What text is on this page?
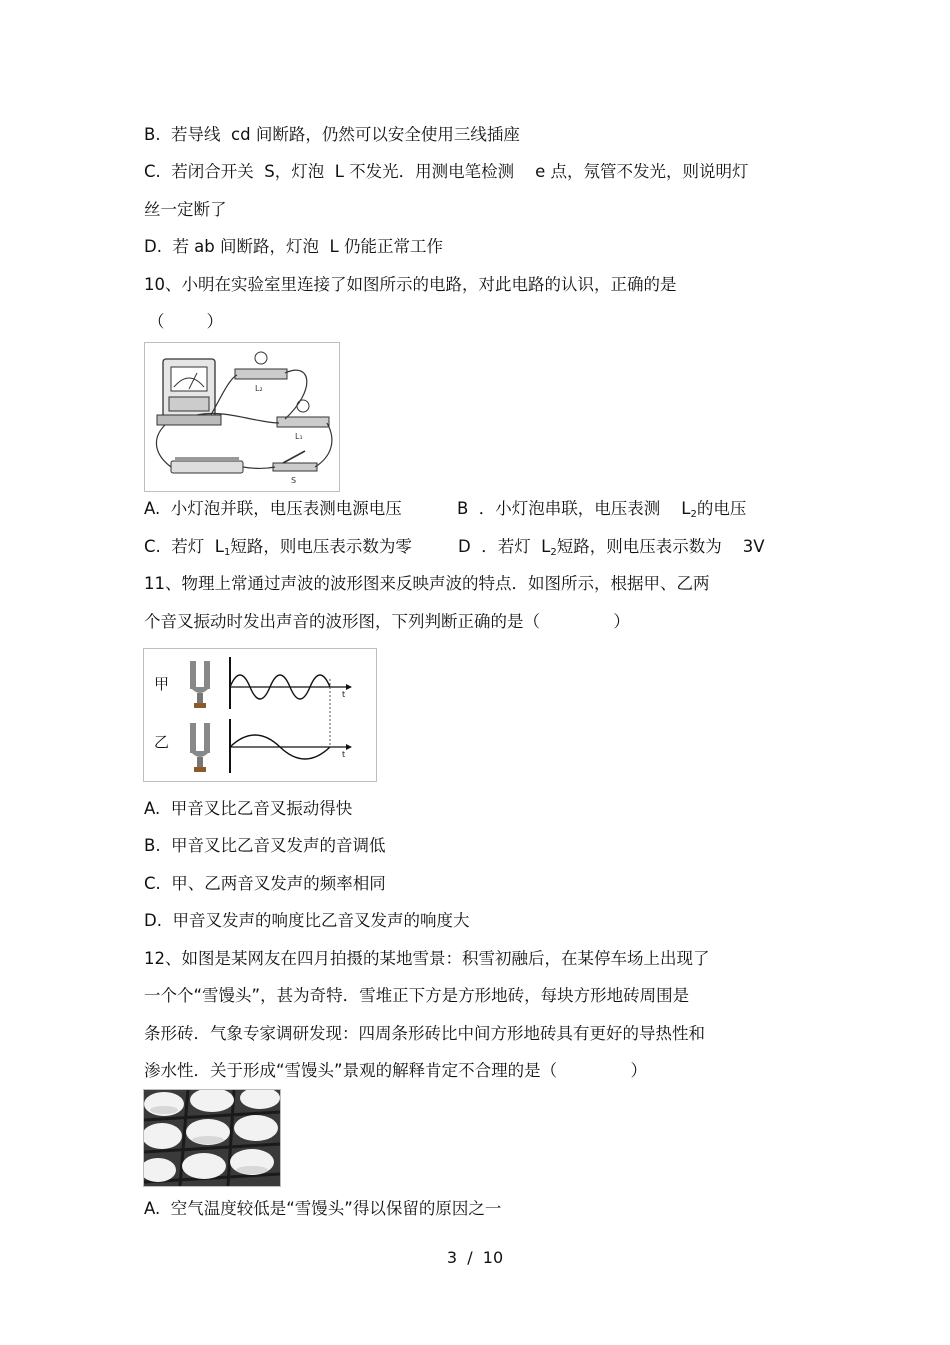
B.  若导线  cd 间断路，仍然可以安全使用三线插座
C.  若闭合开关  S，灯泡  L 不发光．用测电笔检测    e 点，氖管不发光，则说明灯
丝一定断了
D.  若 ab 间断路，灯泡  L 仍能正常工作
10、小明在实验室里连接了如图所示的电路，对此电路的认识，正确的是
（        ）
L₂
L₁
S
A.  小灯泡并联，电压表测电源电压	B  ．小灯泡串联，电压表测    $L_2$的电压
C.  若灯  $L_1$短路，则电压表示数为零	D  ．若灯  $L_2$短路，则电压表示数为    3V
11、物理上常通过声波的波形图来反映声波的特点．如图所示，根据甲、乙两
个音叉振动时发出声音的波形图，下列判断正确的是（              ）
甲
乙
t
t
A.  甲音叉比乙音叉振动得快
B.  甲音叉比乙音叉发声的音调低
C.  甲、乙两音叉发声的频率相同
D.  甲音叉发声的响度比乙音叉发声的响度大
12、如图是某网友在四月拍摄的某地雪景：积雪初融后，在某停车场上出现了
一个个“雪馒头”，甚为奇特．雪堆正下方是方形地砖，每块方形地砖周围是
条形砖．气象专家调研发现：四周条形砖比中间方形地砖具有更好的导热性和
渗水性．关于形成“雪馒头”景观的解释肯定不合理的是（              ）
A.  空气温度较低是“雪馒头”得以保留的原因之一
3  /  10
